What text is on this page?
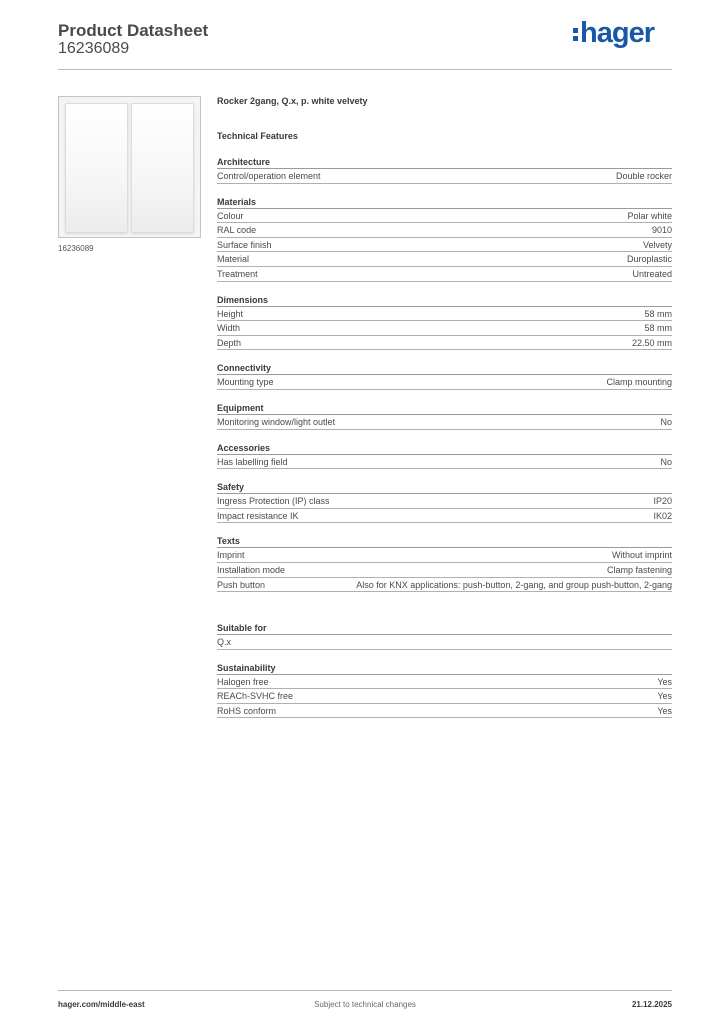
Product Datasheet
16236089	hager
16236089
Rocker 2gang, Q.x, p. white velvety
Technical Features
Architecture
Control/operation element	Double rocker
Materials
Colour	Polar white
RAL code	9010
Surface finish	Velvety
Material	Duroplastic
Treatment	Untreated
Dimensions
Height	58 mm
Width	58 mm
Depth	22.50 mm
Connectivity
Mounting type	Clamp mounting
Equipment
Monitoring window/light outlet	No
Accessories
Has labelling field	No
Safety
Ingress Protection (IP) class	IP20
Impact resistance IK	IK02
Texts
Imprint	Without imprint
Installation mode	Clamp fastening
Push button	Also for KNX applications: push-button, 2-gang, and group push-button, 2-gang
Suitable for
Q.x
Sustainability
Halogen free	Yes
REACh-SVHC free	Yes
RoHS conform	Yes
hager.com/middle-east	Subject to technical changes	21.12.2025
